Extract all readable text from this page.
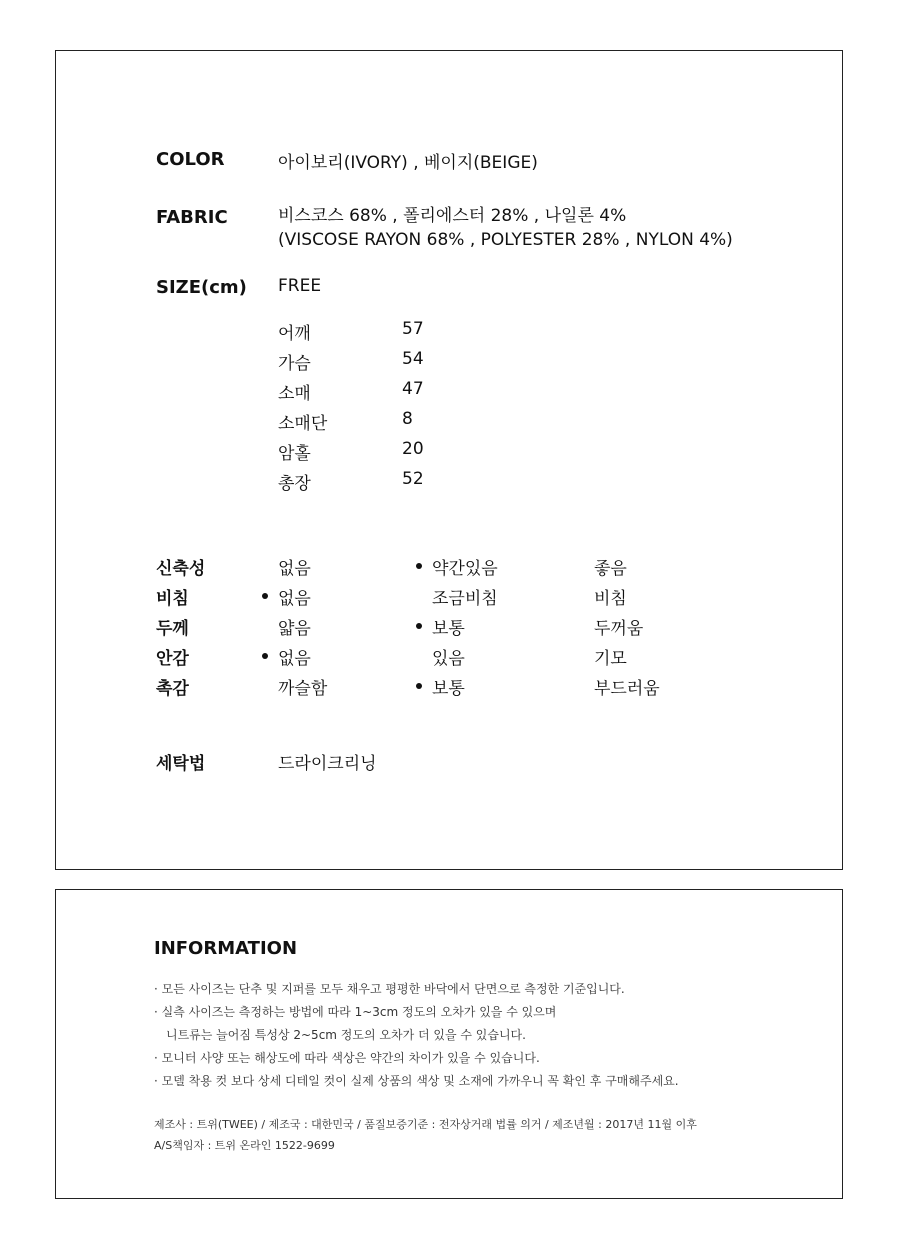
COLOR	아이보리(IVORY) , 베이지(BEIGE)
FABRIC	비스코스 68% , 폴리에스터 28% , 나일론 4%
(VISCOSE RAYON 68% , POLYESTER 28% , NYLON 4%)
SIZE(cm) FREE
어깨	57
가슴	54
소매	47
소매단	8
암홀	20
총장	52
신축성	없음	약간있음	좋음
비침	없음	조금비침	비침
두께	얇음	보통	두꺼움
안감	없음	있음	기모
촉감	까슬함	보통	부드러움
세탁법	드라이크리닝
INFORMATION
· 모든 사이즈는 단추 및 지퍼를 모두 채우고 평평한 바닥에서 단면으로 측정한 기준입니다.
· 실측 사이즈는 측정하는 방법에 따라 1~3cm 정도의 오차가 있을 수 있으며
니트류는 늘어짐 특성상 2~5cm 정도의 오차가 더 있을 수 있습니다.
· 모니터 사양 또는 해상도에 따라 색상은 약간의 차이가 있을 수 있습니다.
· 모델 착용 컷 보다 상세 디테일 컷이 실제 상품의 색상 및 소재에 가까우니 꼭 확인 후 구매해주세요.
제조사 : 트위(TWEE) / 제조국 : 대한민국 / 품질보증기준 : 전자상거래 법률 의거 / 제조년월 : 2017년 11월 이후
A/S책임자 : 트위 온라인 1522-9699
